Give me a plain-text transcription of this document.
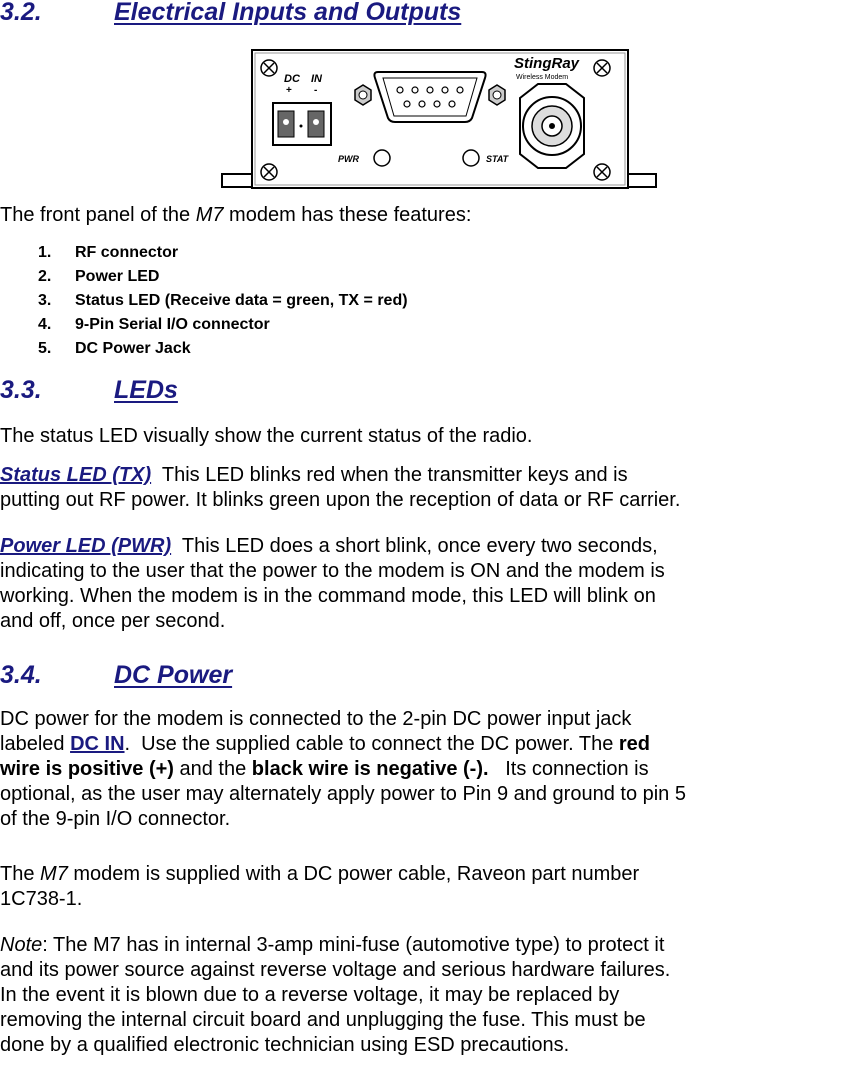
3.2.	Electrical Inputs and Outputs
DC IN
+ -
StingRay
Wireless Modem
PWR	STAT

The front panel of the M7 modem has these features:

1. RF connector
2. Power LED
3. Status LED (Receive data = green, TX = red)
4. 9-Pin Serial I/O connector
5. DC Power Jack
3.3.	LEDs

The status LED visually show the current status of the radio.

Status LED (TX)  This LED blinks red when the transmitter keys and is
putting out RF power. It blinks green upon the reception of data or RF carrier.

Power LED (PWR)  This LED does a short blink, once every two seconds,
indicating to the user that the power to the modem is ON and the modem is
working. When the modem is in the command mode, this LED will blink on
and off, once per second.

3.4.	DC Power

DC power for the modem is connected to the 2-pin DC power input jack
labeled DC IN.  Use the supplied cable to connect the DC power. The red
wire is positive (+) and the black wire is negative (-).   Its connection is
optional, as the user may alternately apply power to Pin 9 and ground to pin 5
of the 9-pin I/O connector.

The M7 modem is supplied with a DC power cable, Raveon part number
1C738-1.

Note: The M7 has in internal 3-amp mini-fuse (automotive type) to protect it
and its power source against reverse voltage and serious hardware failures.
In the event it is blown due to a reverse voltage, it may be replaced by
removing the internal circuit board and unplugging the fuse. This must be
done by a qualified electronic technician using ESD precautions.
